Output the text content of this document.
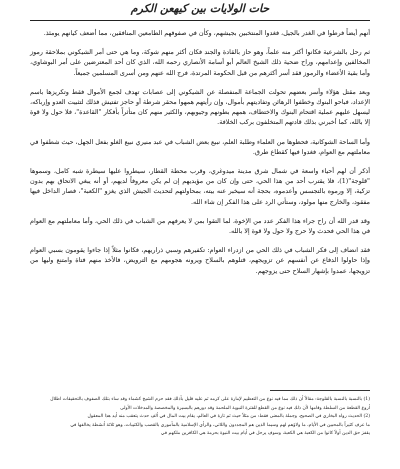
حات الولايات بين كيهعن الكرم

أنهم أيضاً فرطوا في الغدر بالجيل، فغدوا المنتخبين بجيشهم، وكأن في صفوفهم الطامعين المنافقين، مما أضعف كيانهم يومئذ.

ثم رحل بالشرعية فكانوا أكثر منه علماً، وهو حاز بالقادة والجند فكان أكثر منهم شوكة، وما هي حتى أمر الشيكوني بملاحقة رموز المخالفين وإعدامهم، وراح ضحية ذلك الشيخ العالم أبو أسامة الأنصاري رحمه الله، الذي كان أحد المعترضين على أمر البوشاوي، وأما بقية الأعضاء والرموز فقد أسر أكثرهم من قبل الحكومة المرتدة، فرج الله عنهم ومن أسرى المسلمين جميعاً.

وبعد مقتل هؤلاء وأسر بعضهم تحولت الجماعة المنفصلة عن الشيكوني إلى عصابات تهدف لجمع الأموال فقط وتكريزها باسم الإعداد، فباحو البنوك وخطفوا الرهائن وتفاديتهم بأموال، وإن رأيتهم همهوا محقر شرطة أو حاجز تفتيش فذلك لتثبيت العدو وإرباكه، ليسهل عليهم عملية اقتحام البنوك والاختطاف، همهم بطونهم وجيوبهم، والكثير منهم كان متأثراً بأفكار "القاعدة"، فلا حول ولا قوة إلا بالله، كما أخبرني بذلك قادتهم المتخلفون بركب الخلافة.

وأما الساحة الشوكانية، فحظوها من العلماء وطلبة العلم، نبيع بعض الشباب في عبد منيري نبيع الغلو بفعل الجهل، حيث شطفوا في معاملتهم مع العوام، فغدوا فيها كقطاع طرق.

أذكر أن لهم أحياء واسعة في شمال شرق مدينة ميدوغري، وقرب محطة القطار، سيطروا عليها سيطرة شبه كامل، وسموها "قلوجة"(1)، فلا يقترب أحد من هذا الحي، حتى وإن كان من مؤيديهم إن لم يكن معروفاً لديهم، أو أنه يبغي الاتحاق بهم بدون تزكية، إلا ورموه بالتجسس وأعدموه، بحجة أنه سيخبر عنه بيته، بمحاولتهم لتحديث الجيش الذي يغزو "الكعبة"، فصار الداخل فيها مفقود، والخارج منها مولود، وستأتي الرد على هذا الفكر إن شاء الله.

وقد قدر الله أن راح جراء هذا الفكر عدد من الإخوة، لما التقوا بمن لا يعرفهم من الشباب في ذلك الحي، وأما معاملتهم مع العوام في هذا الحي فحدث ولا حرج ولا حول ولا قوة إلا بالله.

فقد انضاف إلى فكر الشباب في ذلك الحي من ازدراء العوام: تكفيرهم وسبي ذراريهم، فكانوا مثلاً إذا جاءوا يقومون بسبي العوام وإذا حاولوا الدفاع عن أنفسهم عن تزويجهم، قتلوهم بالسلاح ويرونه هجومهم مع الترويض، فالأخذ منهم فتاة وامتنع وليها من تزويجها، عمدوا بإشهار السلاح حتى يزوجهم.

(1) بالنسبة بالنسبة بالقلوجة: مقالاً أن ذلك مما فيه نوع من التعظيم لإمارة على كرمه ثم عليه قليل بأذلك فقد حرم الشيخ كشماء وقد ساء بتلك الصفوف بالتحقيقات اطلال

أروع القطعة من السلطة وقامها لأن ذلك فيه نوع من القطع للفترة النبوية الملحمة وقد دورهم بالبسيرة والمخصصة والمدخلات الأولى

(2) الحديث رواه البخاري في الصحيح، وجملة بالمعنى فقط: من مثلاً حيث ثم تارة في العالم، يقام بيت المال في ألف حدث يتعقب منه أيد هذا المعقول

ما عرف كثيراً بالمحبين في الأيام، ما ولاؤهم لهم وسيما الذين هم المجددون واللاتي، والرأي الإسلامية بالمأموري بالقصب والكتيبات، وهو ثلاثة أنشطة يخالفها في

يقفز حق الدين أولاً كانوا من الكعبة هي الكعبة، وسوف يرحل في أيام بيت النبوة بحرمة هي الكافرين ملكهم في
